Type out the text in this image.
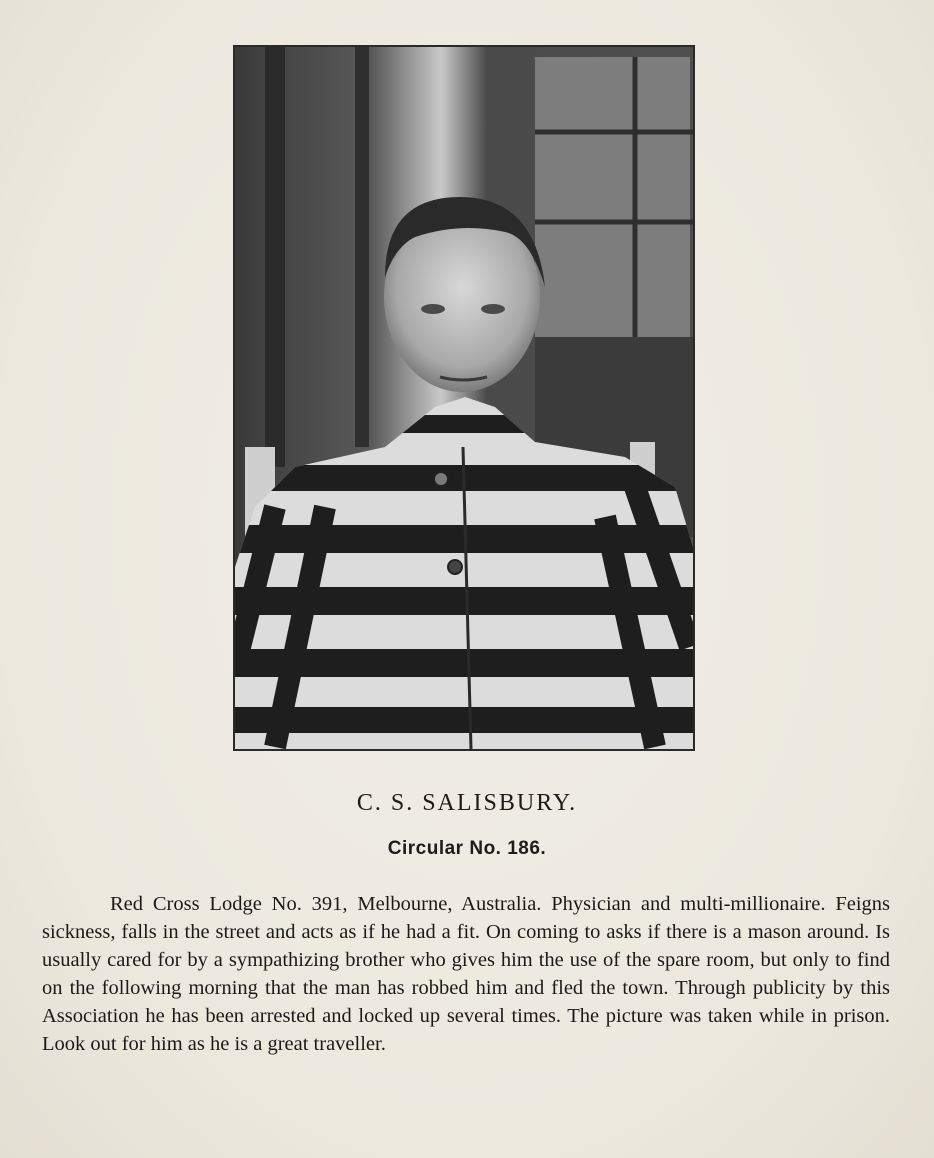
C. S. SALISBURY.
Circular No. 186.

Red Cross Lodge No. 391, Melbourne, Australia. Physician and multi-millionaire. Feigns sickness, falls in the street and acts as if he had a fit. On coming to asks if there is a mason around. Is usually cared for by a sympathizing brother who gives him the use of the spare room, but only to find on the following morning that the man has robbed him and fled the town. Through publicity by this Association he has been arrested and locked up several times. The picture was taken while in prison. Look out for him as he is a great traveller.
